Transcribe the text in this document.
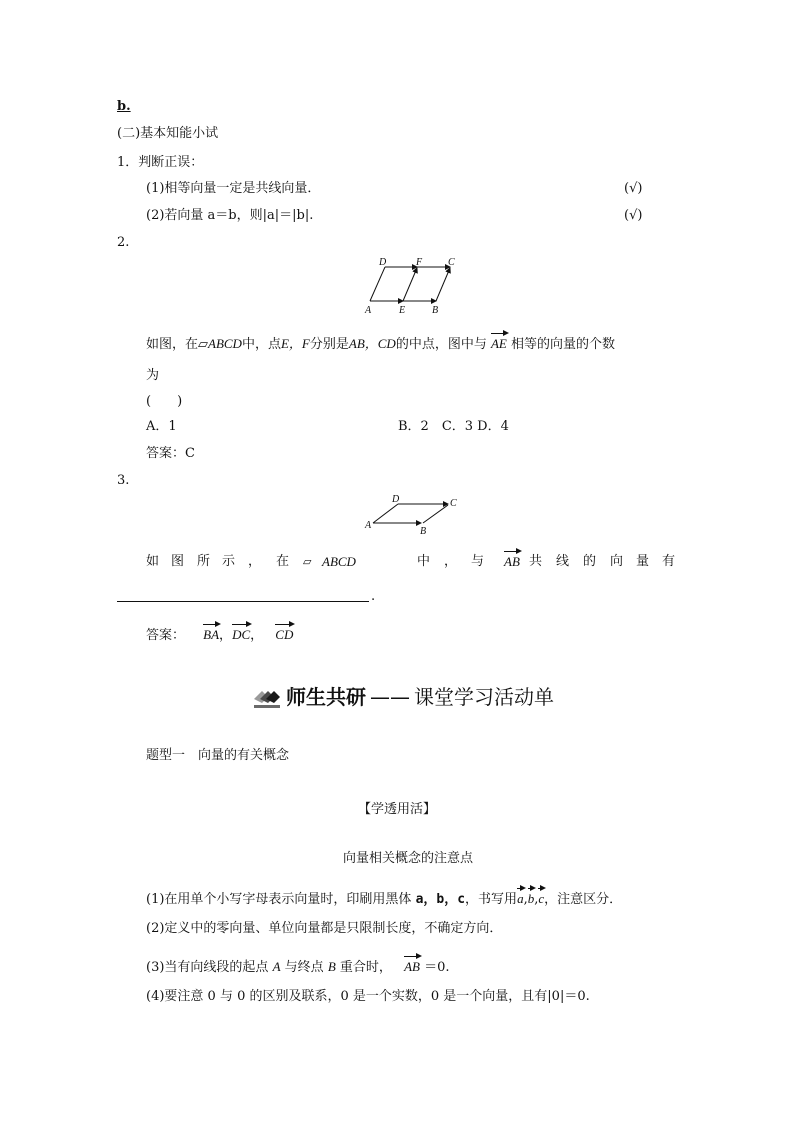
b.
(二)基本知能小试
1．判断正误：
(1)相等向量一定是共线向量．	(√)
(2)若向量 a＝b，则|a|＝|b|.	(√)
2.
D	F	C
A	E	B
如图，在▱ABCD中，点E，F分别是AB，CD的中点，图中与 AE 相等的向量的个数
为
(　　)
A．1	B．2　C．3 D．4
答案：C
3.
D	C
A
B
如 图 所 示 ， 在 ▱ ABCD	中 ， 与 AB 共 线 的 向 量 有
.
答案： BA，DC， CD
师生共研 —— 课堂学习活动单
题型一　向量的有关概念
【学透用活】
向量相关概念的注意点
(1)在用单个小写字母表示向量时，印刷用黑体 a，b，c，书写用a,b,c，注意区分．
(2)定义中的零向量、单位向量都是只限制长度，不确定方向．
(3)当有向线段的起点 A 与终点 B 重合时， AB ＝0.
(4)要注意 0 与 0 的区别及联系，0 是一个实数，0 是一个向量，且有|0|＝0.
